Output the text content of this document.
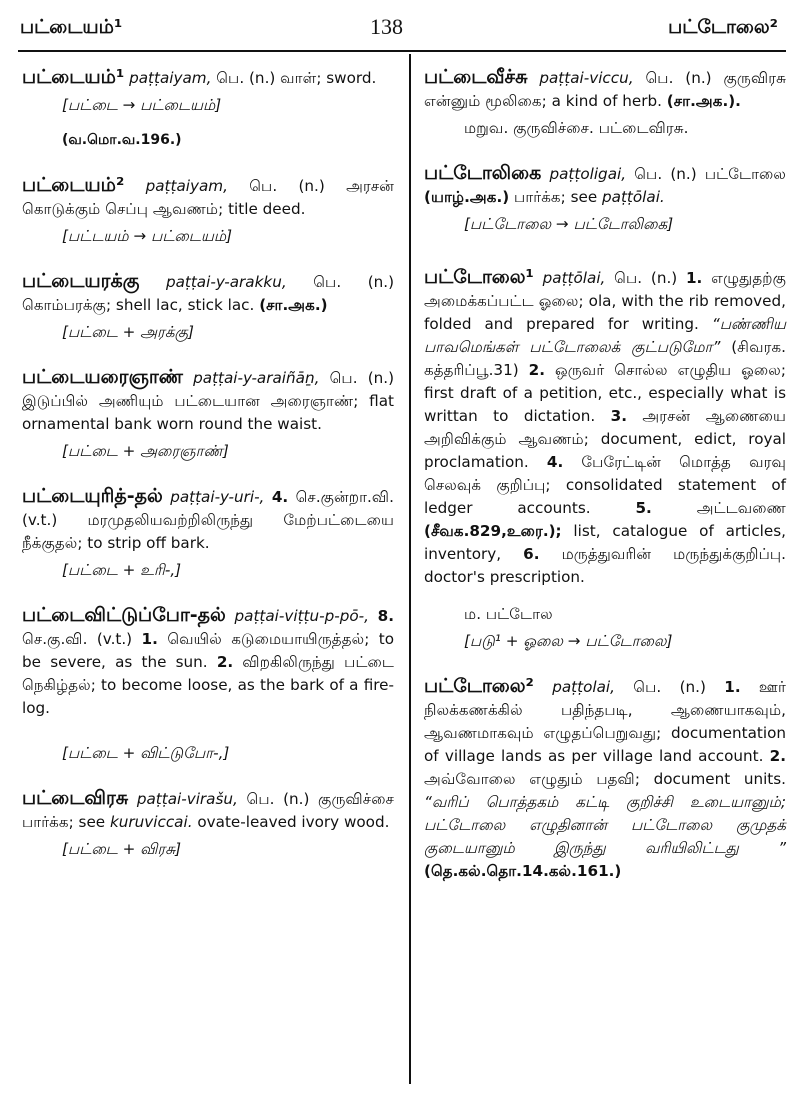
பட்டையம்¹	138	பட்டோலை²
பட்டையம்¹ paṭṭaiyam, பெ. (n.) வாள்; sword.
[பட்டை → பட்டையம்]
(வ.மொ.வ.196.)
பட்டையம்² paṭṭaiyam, பெ. (n.) அரசன் கொடுக்கும் செப்பு ஆவணம்; title deed.
[பட்டயம் → பட்டையம்]
பட்டையரக்கு paṭṭai-y-arakku, பெ. (n.) கொம்பரக்கு; shell lac, stick lac. (சா.அக.)
[பட்டை + அரக்கு]
பட்டையரைஞாண் paṭṭai-y-araiñāṉ, பெ. (n.) இடுப்பில் அணியும் பட்டையான அரைஞாண்; flat ornamental bank worn round the waist.
[பட்டை + அரைஞாண்]
பட்டையுரித்-தல் paṭṭai-y-uri-, 4. செ.குன்றா.வி. (v.t.) மரமுதலியவற்றிலிருந்து மேற்பட்டையை நீக்குதல்; to strip off bark.
[பட்டை + உரி-,]
பட்டைவிட்டுப்போ-தல் paṭṭai-viṭṭu-p-pō-, 8. செ.கு.வி. (v.t.) 1. வெயில் கடுமையாயிருத்தல்; to be severe, as the sun. 2. விறகிலிருந்து பட்டை நெகிழ்தல்; to become loose, as the bark of a fire-log.
[பட்டை + விட்டுபோ-,]
பட்டைவிரசு paṭṭai-virašu, பெ. (n.) குருவிச்சை பார்க்க; see kuruviccai. ovate-leaved ivory wood.
[பட்டை + விரசு]
பட்டைவீச்சு paṭṭai-viccu, பெ. (n.) குருவிரசு என்னும் மூலிகை; a kind of herb. (சா.அக.).
மறுவ. குருவிச்சை. பட்டைவிரசு.
பட்டோலிகை paṭṭoligai, பெ. (n.) பட்டோலை (யாழ்.அக.) பார்க்க; see paṭṭōlai.
[பட்டோலை → பட்டோலிகை]
பட்டோலை¹ paṭṭōlai, பெ. (n.) 1. எழுதுதற்கு அமைக்கப்பட்ட ஓலை; ola, with the rib removed, folded and prepared for writing. “பண்ணிய பாவமெங்கள் பட்டோலைக் குட்படுமோ” (சிவரக. கத்தரிப்பூ.31) 2. ஒருவர் சொல்ல எழுதிய ஓலை; first draft of a petition, etc., especially what is writtan to dictation. 3. அரசன் ஆணையை அறிவிக்கும் ஆவணம்; document, edict, royal proclamation. 4. பேரேட்டின் மொத்த வரவு செலவுக் குறிப்பு; consolidated statement of ledger accounts. 5. அட்டவணை (சீவக.829,உரை.); list, catalogue of articles, inventory, 6. மருத்துவரின் மருந்துக்குறிப்பு. doctor's prescription.
ம. பட்டோல
[படு¹ + ஓலை → பட்டோலை]
பட்டோலை² paṭṭolai, பெ. (n.) 1. ஊர் நிலக்கணக்கில் பதிந்தபடி, ஆணையாகவும், ஆவணமாகவும் எழுதப்பெறுவது; documentation of village lands as per village land account. 2. அவ்வோலை எழுதும் பதவி; document units. “வரிப் பொத்தகம் கட்டி குறிச்சி உடையானும்; பட்டோலை எழுதினான் பட்டோலை குமுதக் குடையானும் இருந்து வரியிலிட்டது ” (தெ.கல்.தொ.14.கல்.161.)
